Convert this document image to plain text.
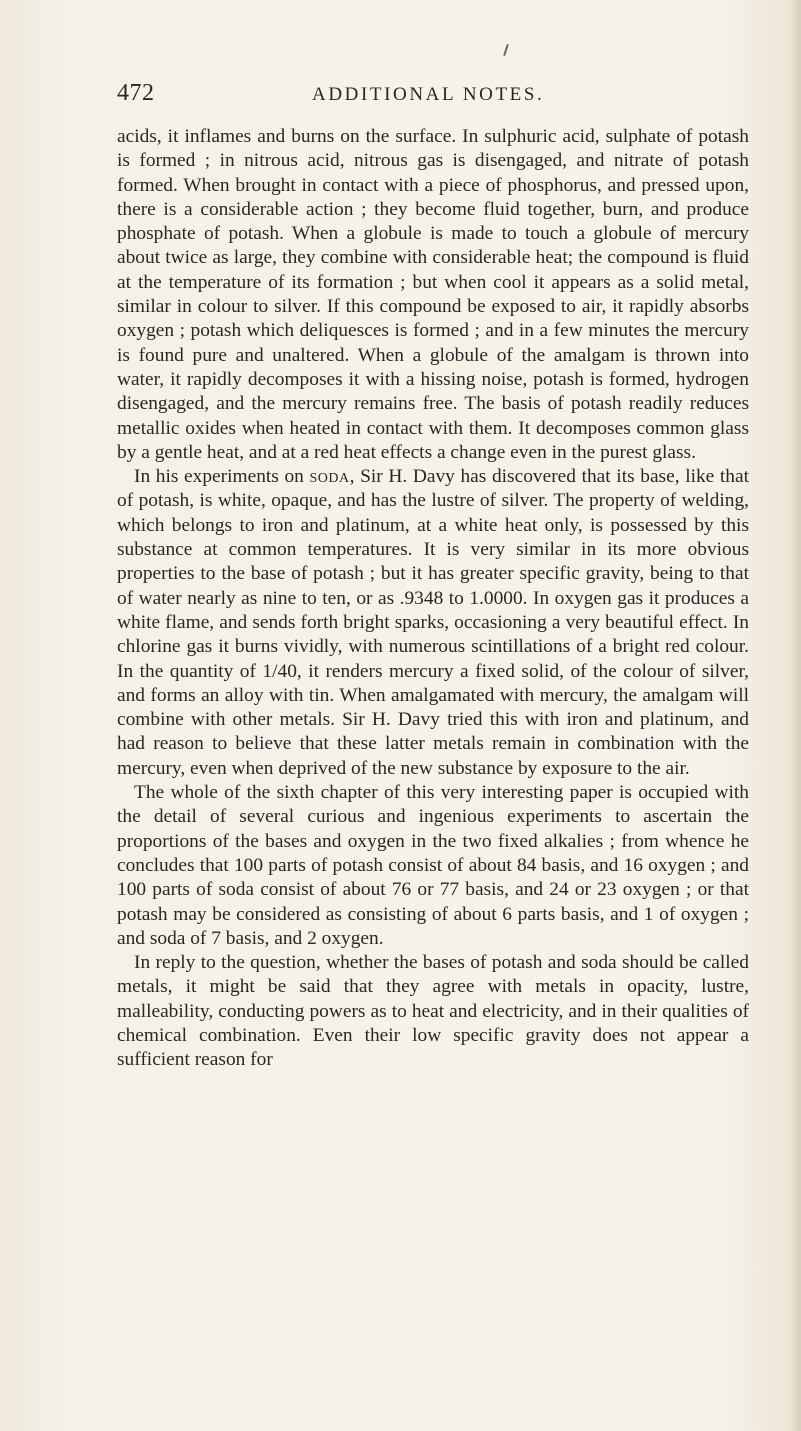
472	ADDITIONAL NOTES.

acids, it inflames and burns on the surface. In sulphuric acid, sulphate of potash is formed ; in nitrous acid, nitrous gas is disengaged, and nitrate of potash formed. When brought in contact with a piece of phosphorus, and pressed upon, there is a considerable action ; they become fluid together, burn, and produce phosphate of potash. When a globule is made to touch a globule of mercury about twice as large, they combine with considerable heat; the compound is fluid at the temperature of its formation ; but when cool it appears as a solid metal, similar in colour to silver. If this compound be exposed to air, it rapidly absorbs oxygen ; potash which deliquesces is formed ; and in a few minutes the mercury is found pure and unaltered. When a globule of the amalgam is thrown into water, it rapidly decomposes it with a hissing noise, potash is formed, hydrogen disengaged, and the mercury remains free. The basis of potash readily reduces metallic oxides when heated in contact with them. It decomposes common glass by a gentle heat, and at a red heat effects a change even in the purest glass.

In his experiments on soda, Sir H. Davy has discovered that its base, like that of potash, is white, opaque, and has the lustre of silver. The property of welding, which belongs to iron and platinum, at a white heat only, is possessed by this substance at common temperatures. It is very similar in its more obvious properties to the base of potash ; but it has greater specific gravity, being to that of water nearly as nine to ten, or as .9348 to 1.0000. In oxygen gas it produces a white flame, and sends forth bright sparks, occasioning a very beautiful effect. In chlorine gas it burns vividly, with numerous scintillations of a bright red colour. In the quantity of 1/40, it renders mercury a fixed solid, of the colour of silver, and forms an alloy with tin. When amalgamated with mercury, the amalgam will combine with other metals. Sir H. Davy tried this with iron and platinum, and had reason to believe that these latter metals remain in combination with the mercury, even when deprived of the new substance by exposure to the air.

The whole of the sixth chapter of this very interesting paper is occupied with the detail of several curious and ingenious experiments to ascertain the proportions of the bases and oxygen in the two fixed alkalies ; from whence he concludes that 100 parts of potash consist of about 84 basis, and 16 oxygen ; and 100 parts of soda consist of about 76 or 77 basis, and 24 or 23 oxygen ; or that potash may be considered as consisting of about 6 parts basis, and 1 of oxygen ; and soda of 7 basis, and 2 oxygen.

In reply to the question, whether the bases of potash and soda should be called metals, it might be said that they agree with metals in opacity, lustre, malleability, conducting powers as to heat and electricity, and in their qualities of chemical combination. Even their low specific gravity does not appear a sufficient reason for
